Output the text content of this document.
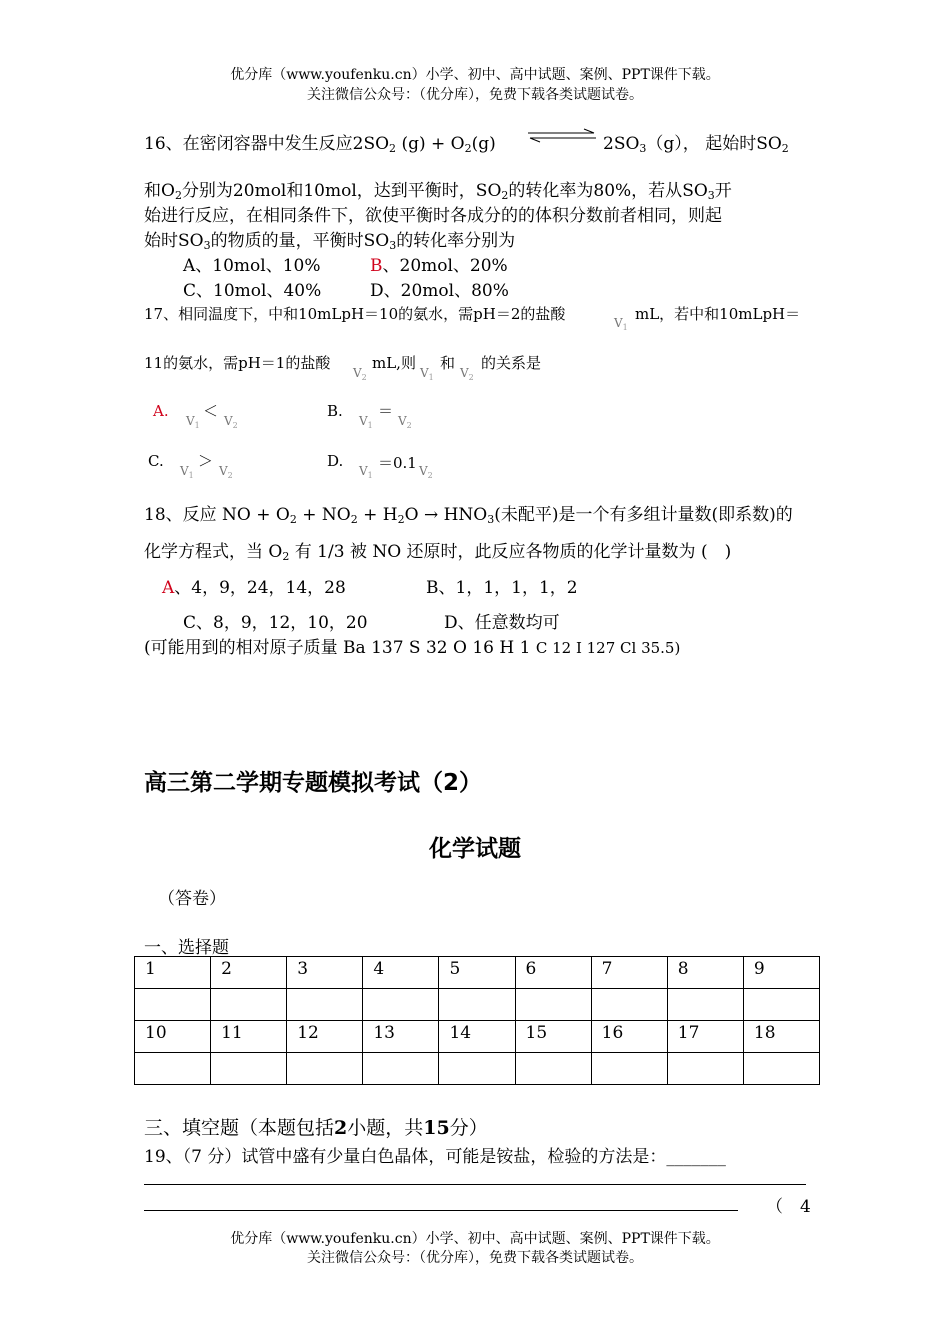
优分库（www.youfenku.cn）小学、初中、高中试题、案例、PPT课件下载。
关注微信公众号：（优分库），免费下载各类试题试卷。
16、在密闭容器中发生反应$2SO_2$ $(g) + O_2(g)$	$2SO_3(g)$， 起始时$SO_2$
和$O_2$分别为20mol和10mol，达到平衡时，$SO_2$的转化率为80%，若从$SO_3$开
始进行反应，在相同条件下，欲使平衡时各成分的的体积分数前者相同，则起
始时$SO_3$的物质的量，平衡时$SO_3$的转化率分别为
A、10mol、10%	B、20mol、20%
C、10mol、40%	D、20mol、80%
17、相同温度下，中和10mLpH＝10的氨水，需pH＝2的盐酸	$V_1$
mL，若中和10mLpH＝
11的氨水，需pH＝1的盐酸
$V_2$
mL,则
$V_1$
和
$V_2$
的关系是
A.
$V_1$
＜
$V_2$
B.
$V_1$
＝
$V_2$
C.
$V_1$
＞
$V_2$
D.
$V_1$
＝0.1 $V_2$
18、反应 NO + $O_2 + NO_2 + H_2O \to HNO_3$(未配平)是一个有多组计量数(即系数)的
化学方程式，当 $O_2$ 有 1/3 被 NO 还原时，此反应各物质的化学计量数为 (　)
A、4，9，24，14，28	B、1，1，1，1，2
C、8，9，12，10，20	D、任意数均可
(可能用到的相对原子质量 Ba 137 S 32 O 16 H 1 C 12 I 127 Cl 35.5)
高三第二学期专题模拟考试（2）
化学试题
（答卷）
一、选择题
1	2	3	4	5	6	7	8	9

10	11	12	13	14	15	16	17	18

三、填空题（本题包括2小题，共15分）
19、（7 分）试管中盛有少量白色晶体，可能是铵盐，检验的方法是：_______
（　4
优分库（www.youfenku.cn）小学、初中、高中试题、案例、PPT课件下载。
关注微信公众号：（优分库），免费下载各类试题试卷。
